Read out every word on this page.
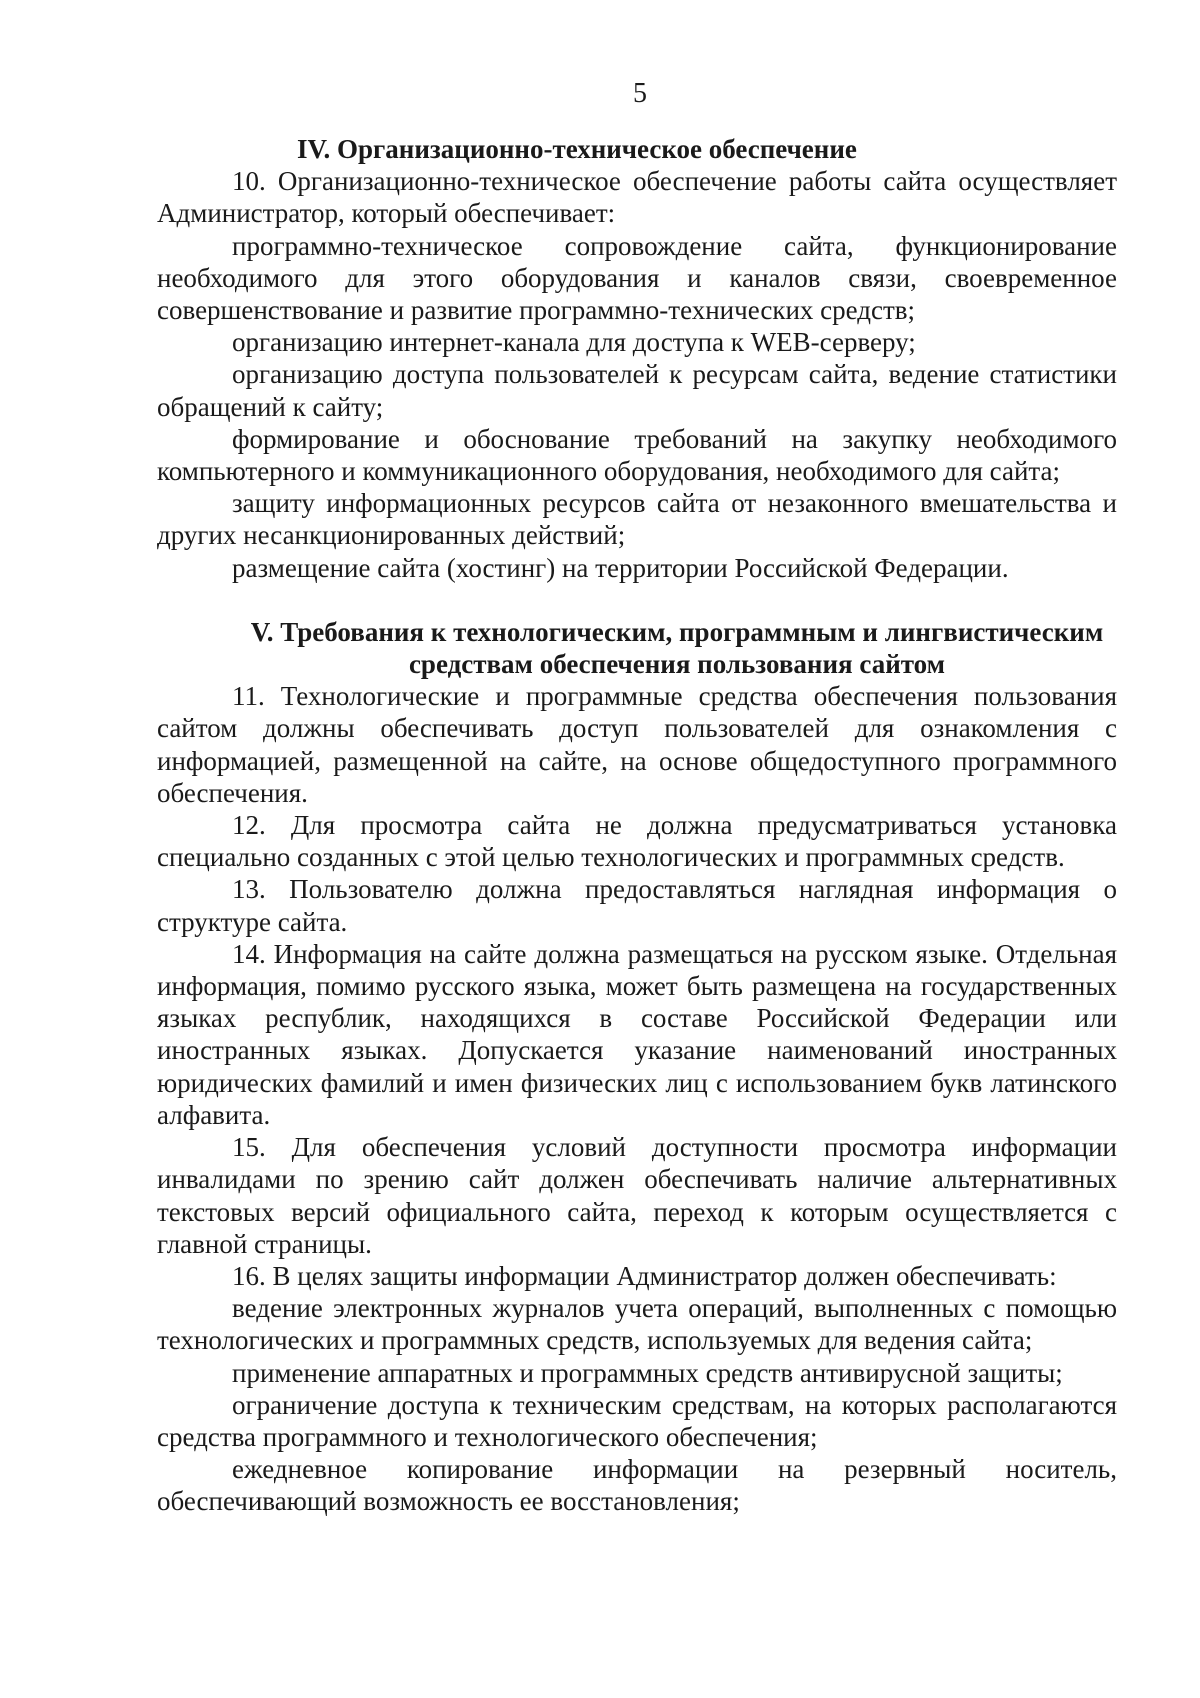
5

IV. Организационно-техническое обеспечение

10. Организационно-техническое обеспечение работы сайта осуществляет Администратор, который обеспечивает:

программно-техническое сопровождение сайта, функционирование необходимого для этого оборудования и каналов связи, своевременное совершенствование и развитие программно-технических средств;

организацию интернет-канала для доступа к WEB-серверу;

организацию доступа пользователей к ресурсам сайта, ведение статистики обращений к сайту;

формирование и обоснование требований на закупку необходимого компьютерного и коммуникационного оборудования, необходимого для сайта;

защиту информационных ресурсов сайта от незаконного вмешательства и других несанкционированных действий;

размещение сайта (хостинг) на территории Российской Федерации.

V. Требования к технологическим, программным и лингвистическим
средствам обеспечения пользования сайтом

11. Технологические и программные средства обеспечения пользования сайтом должны обеспечивать доступ пользователей для ознакомления с информацией, размещенной на сайте, на основе общедоступного программного обеспечения.

12. Для просмотра сайта не должна предусматриваться установка специально созданных с этой целью технологических и программных средств.

13. Пользователю должна предоставляться наглядная информация о структуре сайта.

14. Информация на сайте должна размещаться на русском языке. Отдельная информация, помимо русского языка, может быть размещена на государственных языках республик, находящихся в составе Российской Федерации или иностранных языках. Допускается указание наименований иностранных юридических фамилий и имен физических лиц с использованием букв латинского алфавита.

15. Для обеспечения условий доступности просмотра информации инвалидами по зрению сайт должен обеспечивать наличие альтернативных текстовых версий официального сайта, переход к которым осуществляется с главной страницы.

16. В целях защиты информации Администратор должен обеспечивать:

ведение электронных журналов учета операций, выполненных с помощью технологических и программных средств, используемых для ведения сайта;

применение аппаратных и программных средств антивирусной защиты;

ограничение доступа к техническим средствам, на которых располагаются средства программного и технологического обеспечения;

ежедневное копирование информации на резервный носитель, обеспечивающий возможность ее восстановления;
